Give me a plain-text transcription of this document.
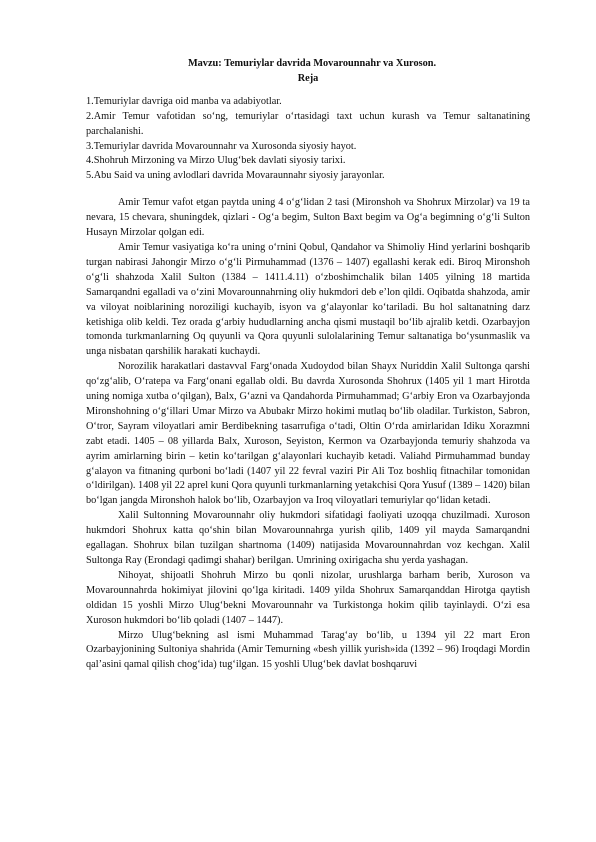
Mavzu: Temuriylar davrida Movarounnahr va Xuroson.

Reja

1.Temuriylar davriga oid manba va adabiyotlar.
2.Amir Temur vafotidan so‘ng, temuriylar o‘rtasidagi taxt uchun kurash va Temur saltanatining parchalanishi.
3.Temuriylar davrida Movarounnahr va Xurosonda siyosiy hayot.
4.Shohruh Mirzoning va Mirzo Ulug‘bek davlati siyosiy tarixi.
5.Abu Said va uning avlodlari davrida Movaraunnahr siyosiy jarayonlar.

Amir Temur vafot etgan paytda uning 4 o‘g‘lidan 2 tasi (Mironshoh va Shohrux Mirzolar) va 19 ta nevara, 15 chevara, shuningdek, qizlari - Og‘a begim, Sulton Baxt begim va Og‘a begimning o‘g‘li Sulton Husayn Mirzolar qolgan edi.

Amir Temur vasiyatiga ko‘ra uning o‘rnini Qobul, Qandahor va Shimoliy Hind yerlarini boshqarib turgan nabirasi Jahongir Mirzo o‘g‘li Pirmuhammad (1376 – 1407) egallashi kerak edi. Biroq Mironshoh o‘g‘li shahzoda Xalil Sulton (1384 – 1411.4.11) o‘zboshimchalik bilan 1405 yilning 18 martida Samarqandni egalladi va o‘zini Movarounnahrning oliy hukmdori deb e’lon qildi. Oqibatda shahzoda, amir va viloyat noiblarining noroziligi kuchayib, isyon va g‘alayonlar ko‘tariladi. Bu hol saltanatning darz ketishiga olib keldi. Tez orada g‘arbiy hududlarning ancha qismi mustaqil bo‘lib ajralib ketdi. Ozarbayjon tomonda turkmanlarning Oq quyunli va Qora quyunli sulolalarining Temur saltanatiga bo‘ysunmaslik va unga nisbatan qarshilik harakati kuchaydi.

Norozilik harakatlari dastavval Farg‘onada Xudoydod bilan Shayx Nuriddin Xalil Sultonga qarshi qo‘zg‘alib, O‘ratepa va Farg‘onani egallab oldi. Bu davrda Xurosonda Shohrux (1405 yil 1 mart Hirotda uning nomiga xutba o‘qilgan), Balx, G‘azni va Qandahorda Pirmuhammad; G‘arbiy Eron va Ozarbayjonda Mironshohning o‘g‘illari Umar Mirzo va Abubakr Mirzo hokimi mutlaq bo‘lib oladilar. Turkiston, Sabron, O‘tror, Sayram viloyatlari amir Berdibekning tasarrufiga o‘tadi, Oltin O‘rda amirlaridan Idiku Xorazmni zabt etadi. 1405 – 08 yillarda Balx, Xuroson, Seyiston, Kermon va Ozarbayjonda temuriy shahzoda va ayrim amirlarning birin – ketin ko‘tarilgan g‘alayonlari kuchayib ketadi. Valiahd Pirmuhammad bunday g‘alayon va fitnaning qurboni bo‘ladi (1407 yil 22 fevral vaziri Pir Ali Toz boshliq fitnachilar tomonidan o‘ldirilgan). 1408 yil 22 aprel kuni Qora quyunli turkmanlarning yetakchisi Qora Yusuf (1389 – 1420) bilan bo‘lgan jangda Mironshoh halok bo‘lib, Ozarbayjon va Iroq viloyatlari temuriylar qo‘lidan ketadi.

Xalil Sultonning Movarounnahr oliy hukmdori sifatidagi faoliyati uzoqqa chuzilmadi. Xuroson hukmdori Shohrux katta qo‘shin bilan Movarounnahrga yurish qilib, 1409 yil mayda Samarqandni egallagan. Shohrux bilan tuzilgan shartnoma (1409) natijasida Movarounnahrdan voz kechgan. Xalil Sultonga Ray (Erondagi qadimgi shahar) berilgan. Umrining oxirigacha shu yerda yashagan.

Nihoyat, shijoatli Shohruh Mirzo bu qonli nizolar, urushlarga barham berib, Xuroson va Movarounnahrda hokimiyat jilovini qo‘lga kiritadi. 1409 yilda Shohrux Samarqanddan Hirotga qaytish oldidan 15 yoshli Mirzo Ulug‘bekni Movarounnahr va Turkistonga hokim qilib tayinlaydi. O‘zi esa Xuroson hukmdori bo‘lib qoladi (1407 – 1447).

Mirzo Ulug‘bekning asl ismi Muhammad Tarag‘ay bo‘lib, u 1394 yil 22 mart Eron Ozarbayjonining Sultoniya shahrida (Amir Temurning «besh yillik yurish»ida (1392 – 96) Iroqdagi Mordin qal’asini qamal qilish chog‘ida) tug‘ilgan. 15 yoshli Ulug‘bek davlat boshqaruvi
